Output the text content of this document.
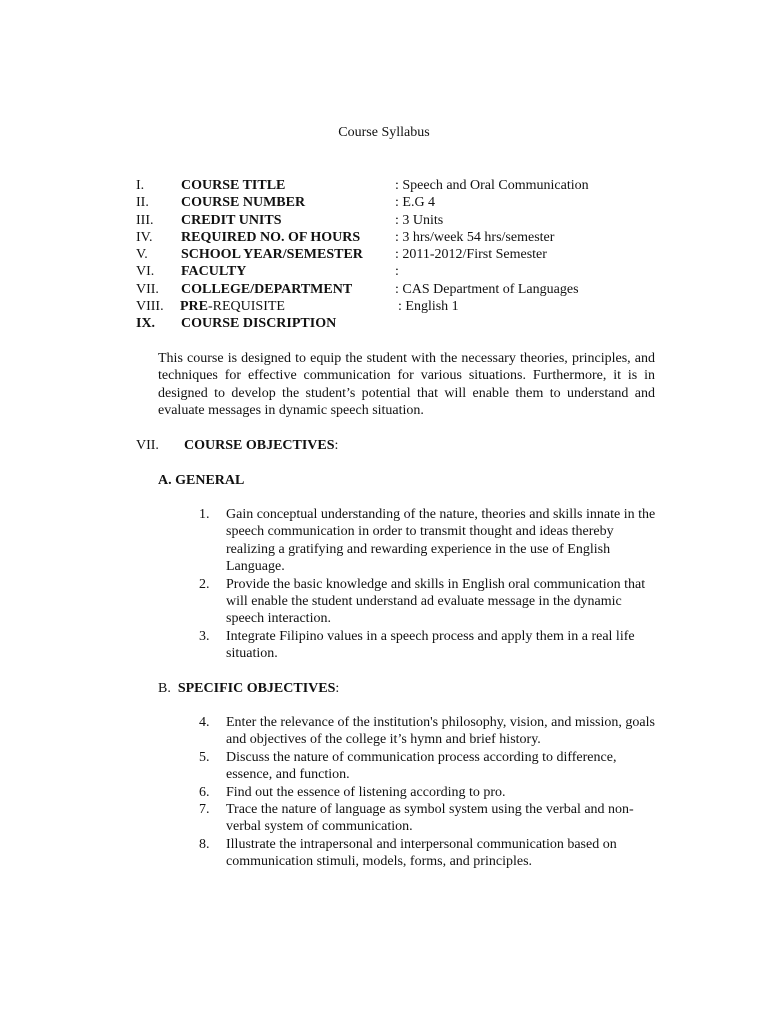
Course Syllabus
I.	COURSE TITLE	: Speech and Oral Communication
II. COURSE NUMBER	: E.G 4
III. CREDIT UNITS	: 3 Units
IV. REQUIRED NO. OF HOURS : 3 hrs/week 54 hrs/semester
V. SCHOOL YEAR/SEMESTER : 2011-2012/First Semester
VI. FACULTY	:
VII. COLLEGE/DEPARTMENT	: CAS Department of Languages
VIII. PRE-REQUISITE	: English 1
IX. COURSE DISCRIPTION

This course is designed to equip the student with the necessary theories, principles, and techniques for effective communication for various situations. Furthermore, it is in designed to develop the student’s potential that will enable them to understand and evaluate messages in dynamic speech situation.

VII. COURSE OBJECTIVES:
A. GENERAL
1. Gain conceptual understanding of the nature, theories and skills innate in the speech communication in order to transmit thought and ideas thereby realizing a gratifying and rewarding experience in the use of English Language.
2. Provide the basic knowledge and skills in English oral communication that will enable the student understand ad evaluate message in the dynamic speech interaction.
3. Integrate Filipino values in a speech process and apply them in a real life situation.
B. SPECIFIC OBJECTIVES:
4. Enter the relevance of the institution's philosophy, vision, and mission, goals and objectives of the college it’s hymn and brief history.
5. Discuss the nature of communication process according to difference, essence, and function.
6. Find out the essence of listening according to pro.
7. Trace the nature of language as symbol system using the verbal and non-verbal system of communication.
8. Illustrate the intrapersonal and interpersonal communication based on communication stimuli, models, forms, and principles.
